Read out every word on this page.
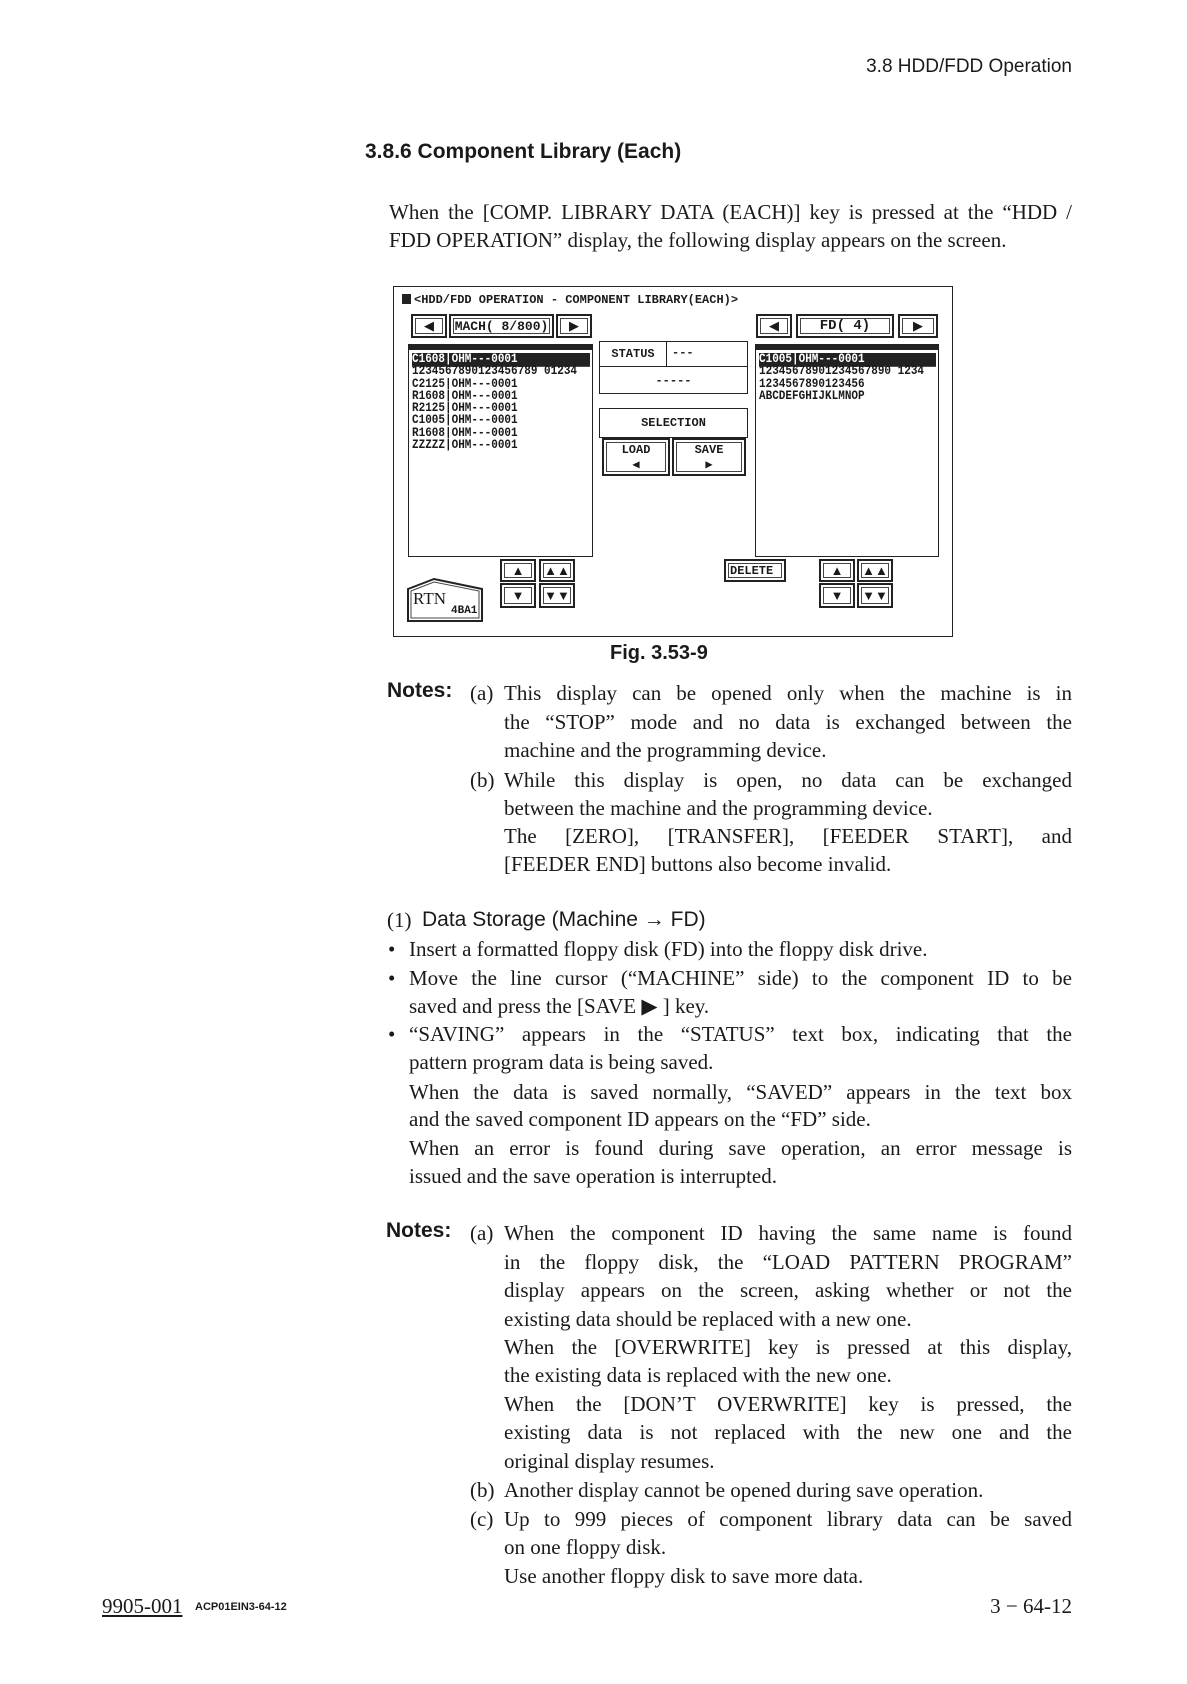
3.8 HDD/FDD Operation
3.8.6 Component Library (Each)
When the [COMP. LIBRARY DATA (EACH)] key is pressed at the “HDD / FDD OPERATION” display, the following display appears on the screen.
<HDD/FDD OPERATION - COMPONENT LIBRARY(EACH)>
◀	MACH( 8/800)	▶
C1608|OHM---0001
1234567890123456789 01234
C2125|OHM---0001
R1608|OHM---0001
R2125|OHM---0001
C1005|OHM---0001
R1608|OHM---0001
ZZZZZ|OHM---0001
STATUS	---
-----
SELECTION
LOAD
◀
SAVE
▶
◀	FD( 4)	▶
C1005|OHM---0001
12345678901234567890 1234
1234567890123456
ABCDEFGHIJKLMNOP
▲	▲▲
▼	▼▼
RTN
4BA1
DELETE	▲	▲▲
▼	▼▼
Fig. 3.53-9
Notes: (a) This display can be opened only when the machine is in
the “STOP” mode and no data is exchanged between the
machine and the programming device.
(b) While this display is open, no data can be exchanged
between the machine and the programming device.
The [ZERO], [TRANSFER], [FEEDER START], and
[FEEDER END] buttons also become invalid.
(1) Data Storage (Machine → FD)
• Insert a formatted floppy disk (FD) into the floppy disk drive.
• Move the line cursor (“MACHINE” side) to the component ID to be
saved and press the [SAVE ▶ ] key.
• “SAVING” appears in the “STATUS” text box, indicating that the
pattern program data is being saved.
When the data is saved normally, “SAVED” appears in the text box
and the saved component ID appears on the “FD” side.
When an error is found during save operation, an error message is
issued and the save operation is interrupted.
Notes: (a) When the component ID having the same name is found
in the floppy disk, the “LOAD PATTERN PROGRAM”
display appears on the screen, asking whether or not the
existing data should be replaced with a new one.
When the [OVERWRITE] key is pressed at this display,
the existing data is replaced with the new one.
When the [DON’T OVERWRITE] key is pressed, the
existing data is not replaced with the new one and the
original display resumes.
(b) Another display cannot be opened during save operation.
(c) Up to 999 pieces of component library data can be saved
on one floppy disk.
Use another floppy disk to save more data.
9905-001 ACP01EIN3-64-12	3 − 64-12
